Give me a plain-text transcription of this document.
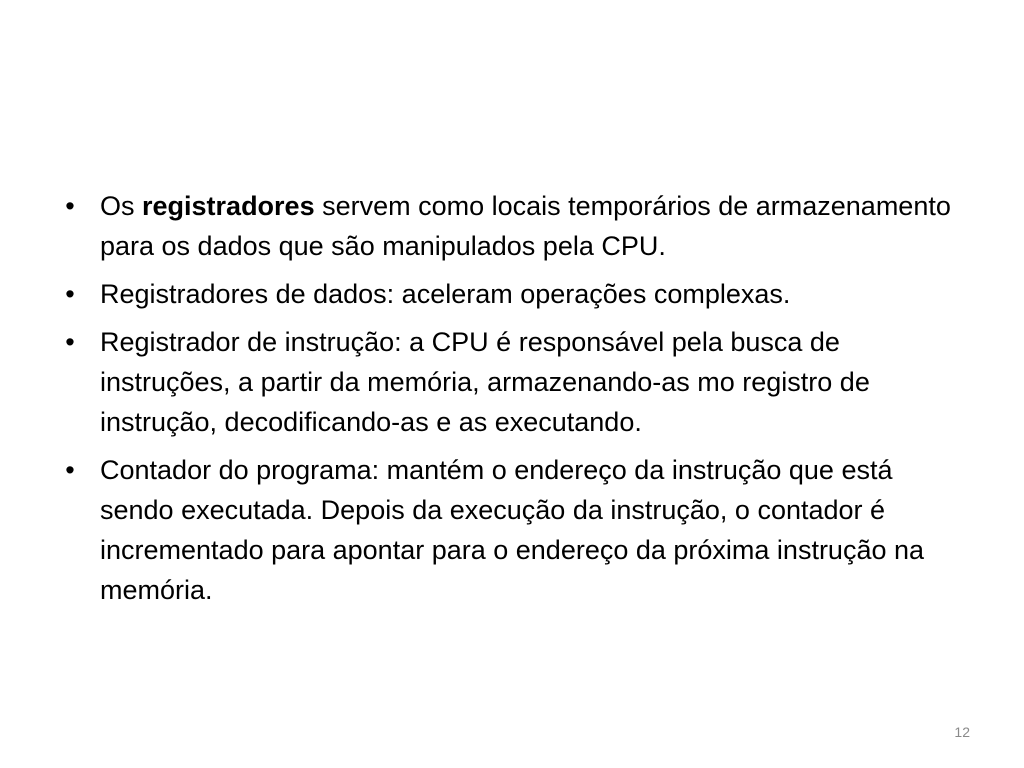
• Os registradores servem como locais temporários de armazenamento para os dados que são manipulados pela CPU.
• Registradores de dados: aceleram operações complexas.
• Registrador de instrução: a CPU é responsável pela busca de instruções, a partir da memória, armazenando-as mo registro de instrução, decodificando-as e as executando.
• Contador do programa: mantém o endereço da instrução que está sendo executada. Depois da execução da instrução, o contador é incrementado para apontar para o endereço da próxima instrução na memória.
12
